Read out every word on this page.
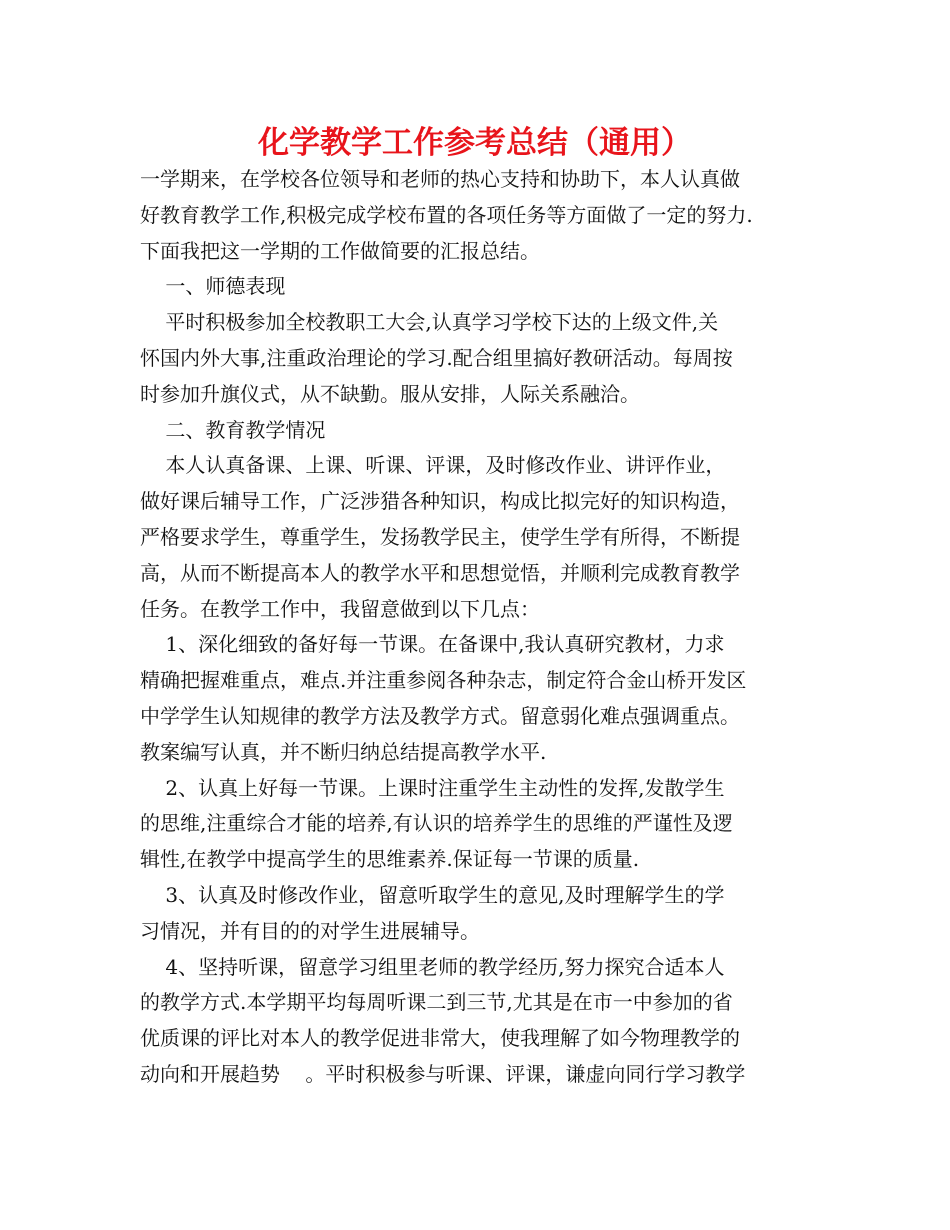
化学教学工作参考总结（通用）
一学期来，在学校各位领导和老师的热心支持和协助下，本人认真做
好教育教学工作,积极完成学校布置的各项任务等方面做了一定的努力.
下面我把这一学期的工作做简要的汇报总结。
一、师德表现
平时积极参加全校教职工大会,认真学习学校下达的上级文件,关
怀国内外大事,注重政治理论的学习.配合组里搞好教研活动。每周按
时参加升旗仪式，从不缺勤。服从安排，人际关系融洽。
二、教育教学情况
本人认真备课、上课、听课、评课，及时修改作业、讲评作业，
做好课后辅导工作，广泛涉猎各种知识，构成比拟完好的知识构造，
严格要求学生，尊重学生，发扬教学民主，使学生学有所得，不断提
高，从而不断提高本人的教学水平和思想觉悟，并顺利完成教育教学
任务。在教学工作中，我留意做到以下几点：
1、深化细致的备好每一节课。在备课中,我认真研究教材，力求
精确把握难重点，难点.并注重参阅各种杂志，制定符合金山桥开发区
中学学生认知规律的教学方法及教学方式。留意弱化难点强调重点。
教案编写认真，并不断归纳总结提高教学水平.
2、认真上好每一节课。上课时注重学生主动性的发挥,发散学生
的思维,注重综合才能的培养,有认识的培养学生的思维的严谨性及逻
辑性,在教学中提高学生的思维素养.保证每一节课的质量.
3、认真及时修改作业，留意听取学生的意见,及时理解学生的学
习情况，并有目的的对学生进展辅导。
4、坚持听课，留意学习组里老师的教学经历,努力探究合适本人
的教学方式.本学期平均每周听课二到三节,尤其是在市一中参加的省
优质课的评比对本人的教学促进非常大，使我理解了如今物理教学的
动向和开展趋势    。平时积极参与听课、评课，谦虚向同行学习教学
